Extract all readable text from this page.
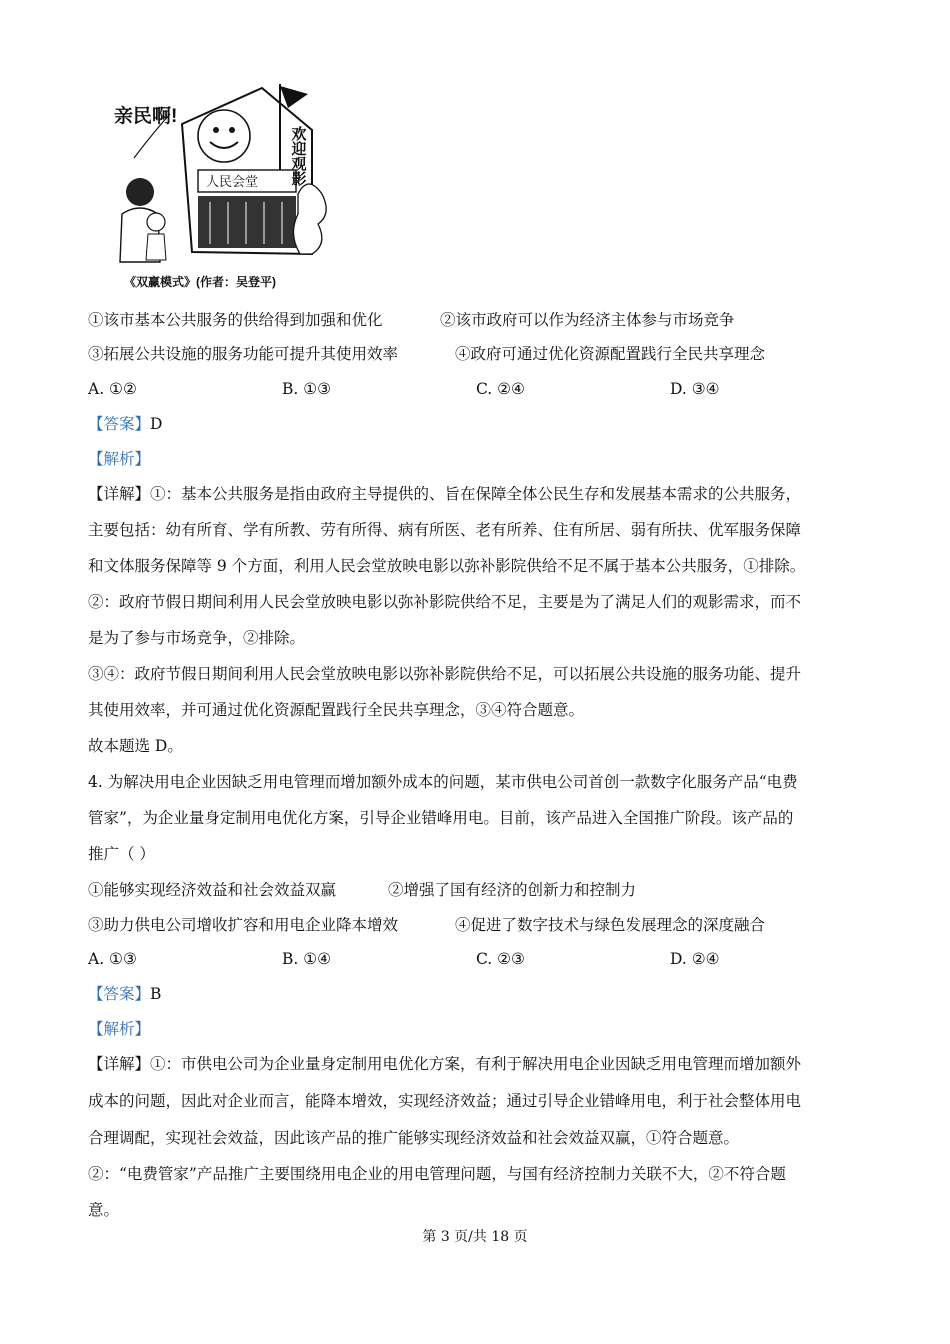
亲民啊!
人民会堂 欢迎观影
《双赢模式》(作者：吴登平)
①该市基本公共服务的供给得到加强和优化	②该市政府可以作为经济主体参与市场竞争
③拓展公共设施的服务功能可提升其使用效率	④政府可通过优化资源配置践行全民共享理念
A. ①②	B. ①③	C. ②④	D. ③④
【答案】D
【解析】
【详解】①：基本公共服务是指由政府主导提供的、旨在保障全体公民生存和发展基本需求的公共服务，
主要包括：幼有所育、学有所教、劳有所得、病有所医、老有所养、住有所居、弱有所扶、优军服务保障
和文体服务保障等 9 个方面，利用人民会堂放映电影以弥补影院供给不足不属于基本公共服务，①排除。
②：政府节假日期间利用人民会堂放映电影以弥补影院供给不足，主要是为了满足人们的观影需求，而不
是为了参与市场竞争，②排除。
③④：政府节假日期间利用人民会堂放映电影以弥补影院供给不足，可以拓展公共设施的服务功能、提升
其使用效率，并可通过优化资源配置践行全民共享理念，③④符合题意。
故本题选 D。
4. 为解决用电企业因缺乏用电管理而增加额外成本的问题，某市供电公司首创一款数字化服务产品“电费
管家”，为企业量身定制用电优化方案，引导企业错峰用电。目前，该产品进入全国推广阶段。该产品的
推广（ ）
①能够实现经济效益和社会效益双赢	②增强了国有经济的创新力和控制力
③助力供电公司增收扩容和用电企业降本增效	④促进了数字技术与绿色发展理念的深度融合
A. ①③	B. ①④	C. ②③	D. ②④
【答案】B
【解析】
【详解】①：市供电公司为企业量身定制用电优化方案，有利于解决用电企业因缺乏用电管理而增加额外
成本的问题，因此对企业而言，能降本增效，实现经济效益；通过引导企业错峰用电，利于社会整体用电
合理调配，实现社会效益，因此该产品的推广能够实现经济效益和社会效益双赢，①符合题意。
②：“电费管家”产品推广主要围绕用电企业的用电管理问题，与国有经济控制力关联不大，②不符合题
意。
第 3 页/共 18 页
